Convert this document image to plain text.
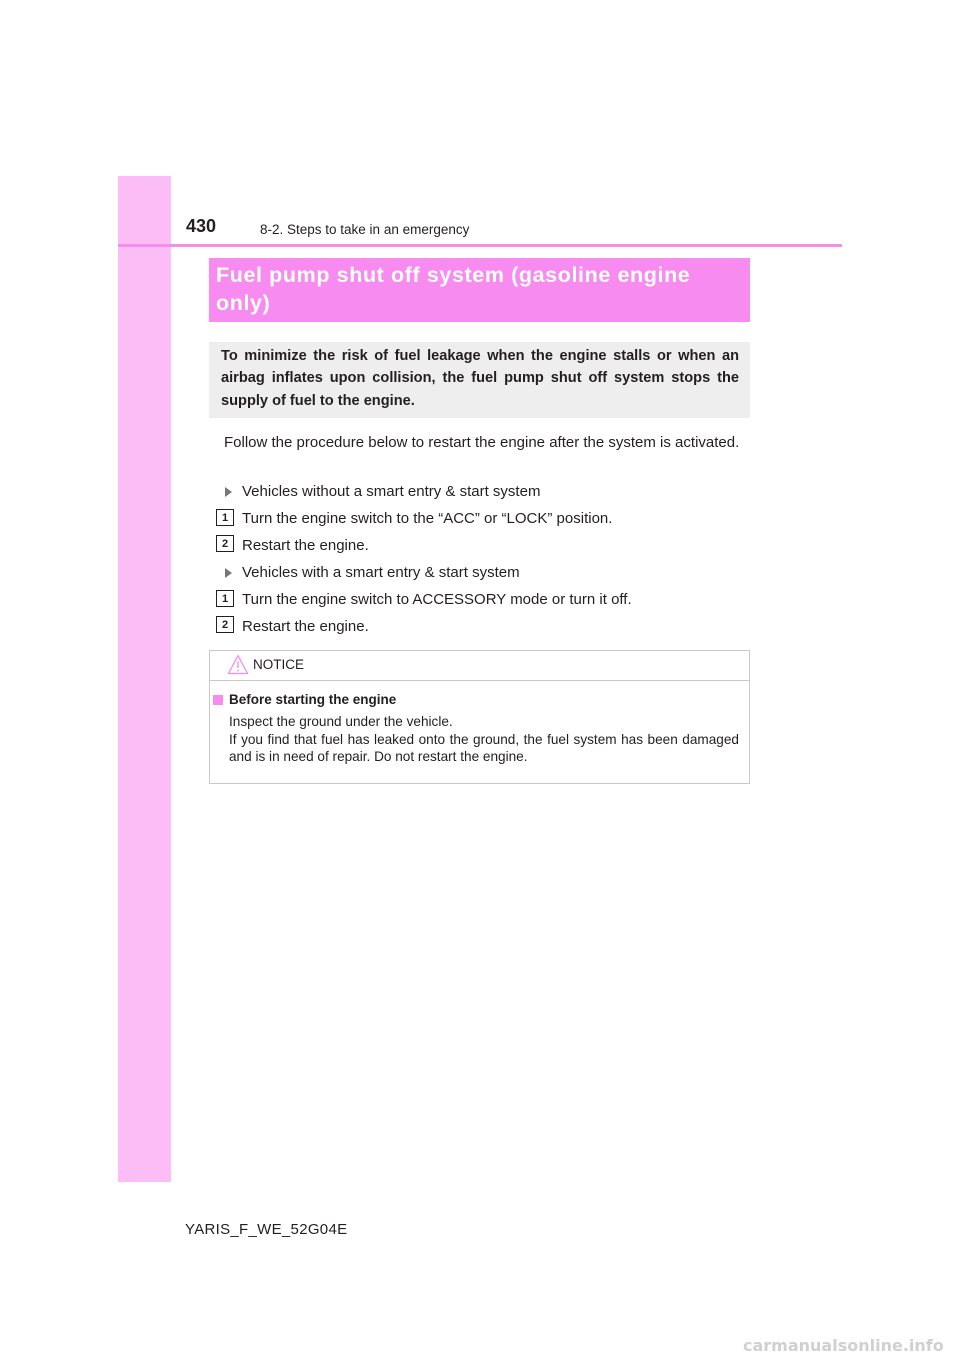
430	8-2. Steps to take in an emergency
Fuel pump shut off system (gasoline engine
only)

To minimize the risk of fuel leakage when the engine stalls or when an airbag inflates upon collision, the fuel pump shut off system stops the supply of fuel to the engine.

Follow the procedure below to restart the engine after the system is activated.

Vehicles without a smart entry & start system
1 Turn the engine switch to the “ACC” or “LOCK” position.
2 Restart the engine.
Vehicles with a smart entry & start system
1 Turn the engine switch to ACCESSORY mode or turn it off.
2 Restart the engine.
NOTICE
Before starting the engine

Inspect the ground under the vehicle.
If you find that fuel has leaked onto the ground, the fuel system has been damaged and is in need of repair. Do not restart the engine.

YARIS_F_WE_52G04E
carmanualsonline.info
